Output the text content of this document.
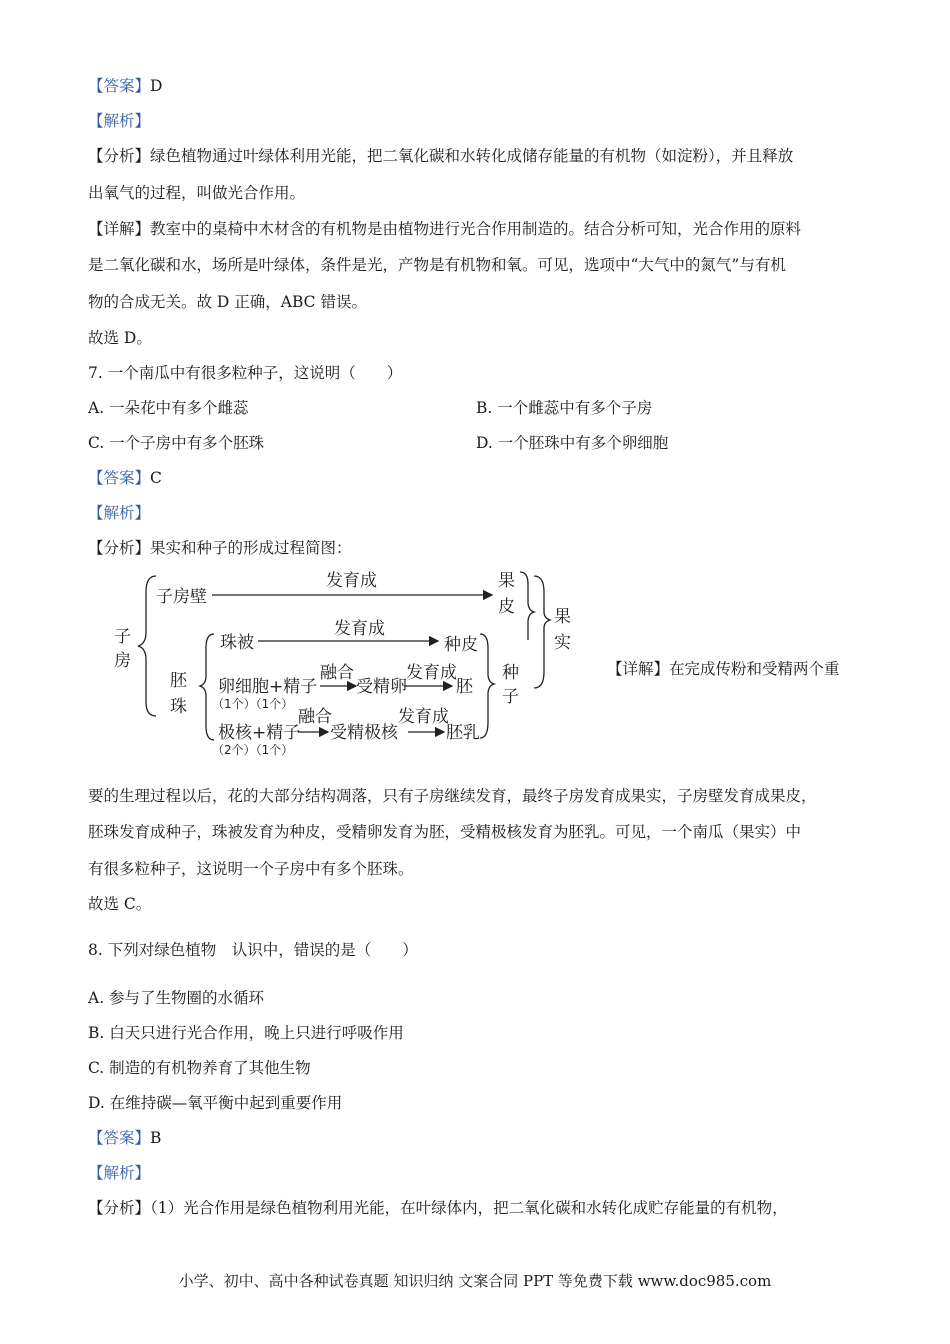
【答案】D
【解析】
【分析】绿色植物通过叶绿体利用光能，把二氧化碳和水转化成储存能量的有机物（如淀粉），并且释放
出氧气的过程，叫做光合作用。
【详解】教室中的桌椅中木材含的有机物是由植物进行光合作用制造的。结合分析可知，光合作用的原料
是二氧化碳和水，场所是叶绿体，条件是光，产物是有机物和氧。可见，选项中“大气中的氮气”与有机
物的合成无关。故 D 正确，ABC 错误。
故选 D。
7. 一个南瓜中有很多粒种子，这说明（　　）
A. 一朵花中有多个雌蕊	B. 一个雌蕊中有多个子房
C. 一个子房中有多个胚珠	D. 一个胚珠中有多个卵细胞
【答案】C
【解析】
【分析】果实和种子的形成过程简图：
子
房
子房壁
发育成	果
皮 果
实
胚
珠
珠被
发育成
种皮
卵细胞+精子
融合
受精卵
发育成
胚
种
子
极核+精子
融合
受精极核
发育成
胚乳
（1个）（1个）
（2个）（1个）
【详解】在完成传粉和受精两个重
要的生理过程以后，花的大部分结构凋落，只有子房继续发育，最终子房发育成果实，子房壁发育成果皮，
胚珠发育成种子，珠被发育为种皮，受精卵发育为胚，受精极核发育为胚乳。可见，一个南瓜（果实）中
有很多粒种子，这说明一个子房中有多个胚珠。
故选 C。
8. 下列对绿色植物　认识中，错误的是（　　）
A. 参与了生物圈的水循环
B. 白天只进行光合作用，晚上只进行呼吸作用
C. 制造的有机物养育了其他生物
D. 在维持碳—氧平衡中起到重要作用
【答案】B
【解析】
【分析】（1）光合作用是绿色植物利用光能，在叶绿体内，把二氧化碳和水转化成贮存能量的有机物，
小学、初中、高中各种试卷真题 知识归纳 文案合同 PPT 等免费下载 www.doc985.com
